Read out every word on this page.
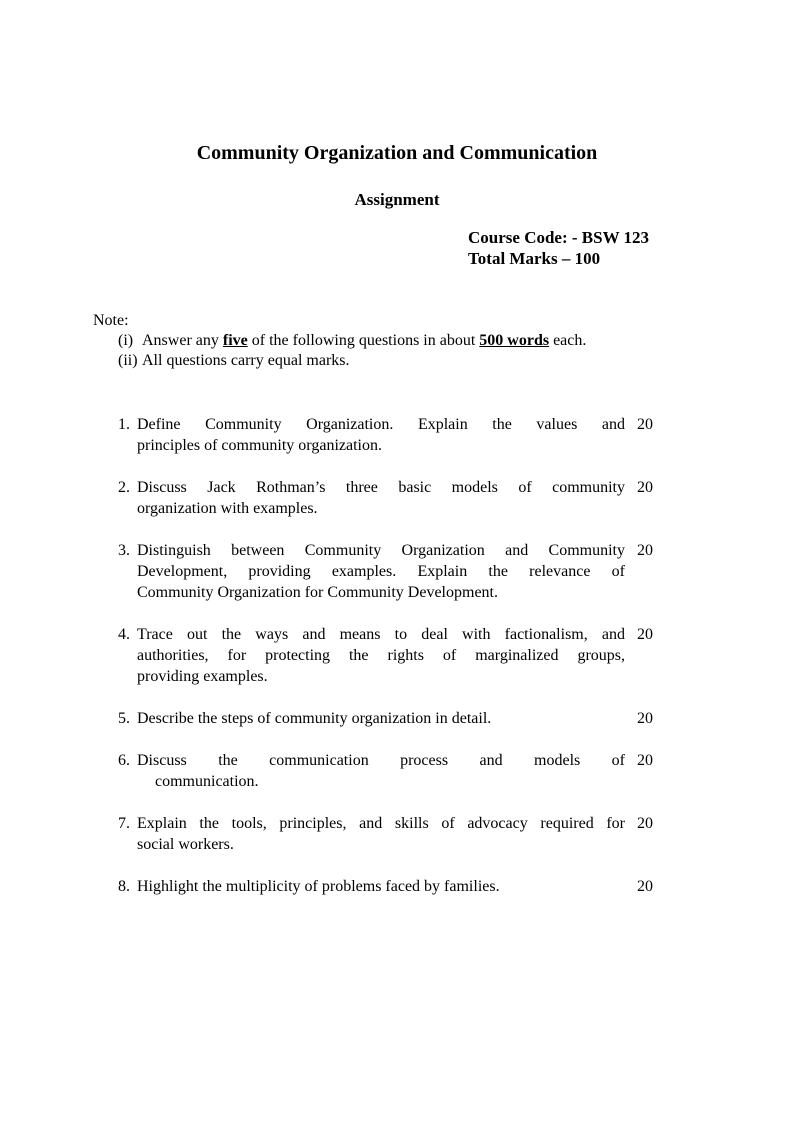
Community Organization and Communication
Assignment
Course Code: - BSW 123
Total Marks – 100
Note:
(i) Answer any five of the following questions in about 500 words each.
(ii) All questions carry equal marks.
1. Define Community Organization. Explain the values and
principles of community organization.
20
2. Discuss Jack Rothman’s three basic models of community
organization with examples.
20
3. Distinguish between Community Organization and Community
Development, providing examples. Explain the relevance of
Community Organization for Community Development.
20
4. Trace out the ways and means to deal with factionalism, and
authorities, for protecting the rights of marginalized groups,
providing examples.
20
5. Describe the steps of community organization in detail.	20
6. Discuss the communication process and models of
communication.
20
7. Explain the tools, principles, and skills of advocacy required for
social workers.
20
8. Highlight the multiplicity of problems faced by families.	20
